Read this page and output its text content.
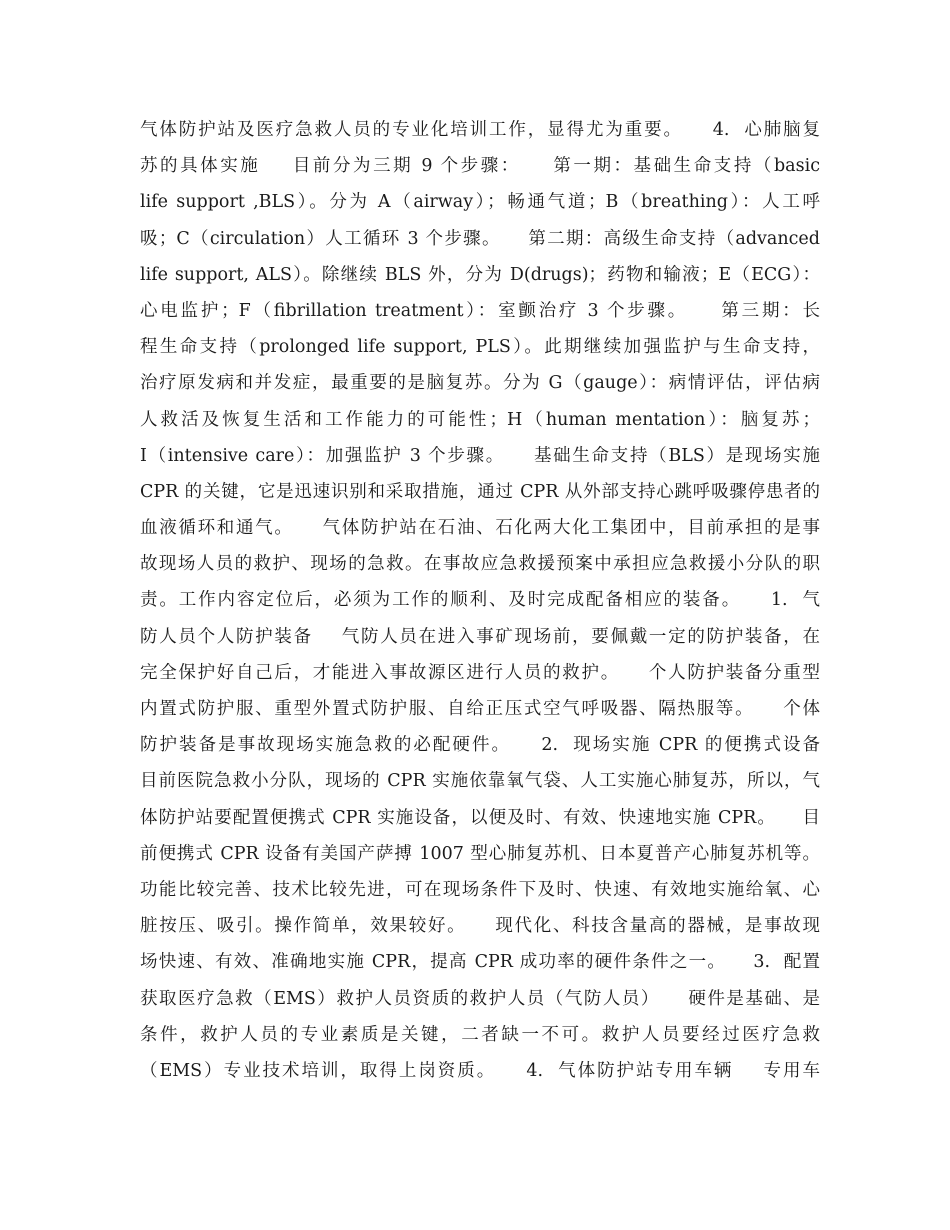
气体防护站及医疗急救人员的专业化培训工作，显得尤为重要。    4.  心肺脑复
苏的具体实施    目前分为三期 9 个步骤：    第一期：基础生命支持（basic
life support ,BLS）。分为 A（airway）；畅通气道；B（breathing）：人工呼
吸；C（circulation）人工循环 3 个步骤。    第二期：高级生命支持（advanced
life support, ALS）。除继续 BLS 外，分为 D(drugs)；药物和输液；E（ECG）：
心电监护；F（fibrillation treatment）：室颤治疗 3 个步骤。    第三期：长
程生命支持（prolonged life support, PLS）。此期继续加强监护与生命支持，
治疗原发病和并发症，最重要的是脑复苏。分为 G（gauge）：病情评估，评估病
人救活及恢复生活和工作能力的可能性；H（human mentation）：脑复苏；
I（intensive care）：加强监护 3 个步骤。    基础生命支持（BLS）是现场实施
CPR 的关键，它是迅速识别和采取措施，通过 CPR 从外部支持心跳呼吸骤停患者的
血液循环和通气。    气体防护站在石油、石化两大化工集团中，目前承担的是事
故现场人员的救护、现场的急救。在事故应急救援预案中承担应急救援小分队的职
责。工作内容定位后，必须为工作的顺利、及时完成配备相应的装备。    1.  气
防人员个人防护装备    气防人员在进入事矿现场前，要佩戴一定的防护装备，在
完全保护好自己后，才能进入事故源区进行人员的救护。    个人防护装备分重型
内置式防护服、重型外置式防护服、自给正压式空气呼吸器、隔热服等。    个体
防护装备是事故现场实施急救的必配硬件。    2.  现场实施 CPR 的便携式设备
目前医院急救小分队，现场的 CPR 实施依靠氧气袋、人工实施心肺复苏，所以，气
体防护站要配置便携式 CPR 实施设备，以便及时、有效、快速地实施 CPR。    目
前便携式 CPR 设备有美国产萨搏 1007 型心肺复苏机、日本夏普产心肺复苏机等。
功能比较完善、技术比较先进，可在现场条件下及时、快速、有效地实施给氧、心
脏按压、吸引。操作简单，效果较好。    现代化、科技含量高的器械，是事故现
场快速、有效、准确地实施 CPR，提高 CPR 成功率的硬件条件之一。    3.  配置
获取医疗急救（EMS）救护人员资质的救护人员（气防人员）    硬件是基础、是
条件，救护人员的专业素质是关键，二者缺一不可。救护人员要经过医疗急救
（EMS）专业技术培训，取得上岗资质。    4.  气体防护站专用车辆    专用车
